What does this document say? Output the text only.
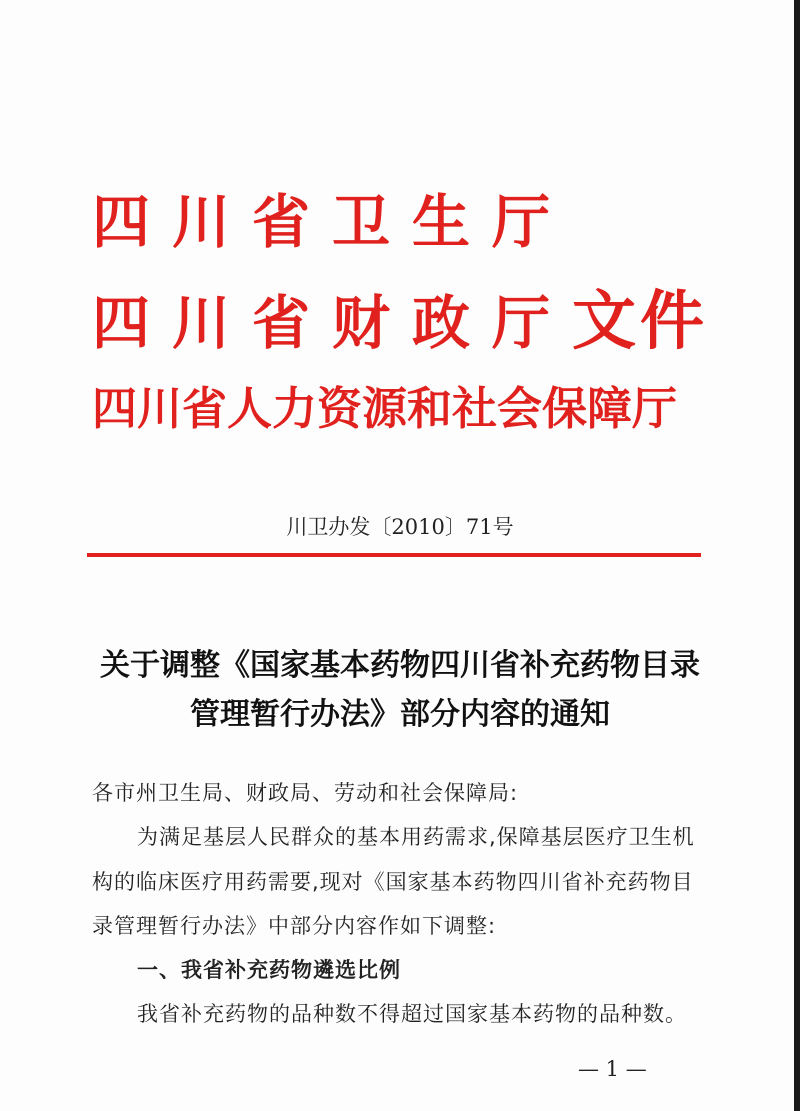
四川省卫生厅
四川省财政厅文件
四川省人力资源和社会保障厅
川卫办发〔2010〕71号
关于调整《国家基本药物四川省补充药物目录
管理暂行办法》部分内容的通知
各市州卫生局、财政局、劳动和社会保障局:
为满足基层人民群众的基本用药需求,保障基层医疗卫生机
构的临床医疗用药需要,现对《国家基本药物四川省补充药物目
录管理暂行办法》中部分内容作如下调整:
一、我省补充药物遴选比例
我省补充药物的品种数不得超过国家基本药物的品种数。
— 1 —
